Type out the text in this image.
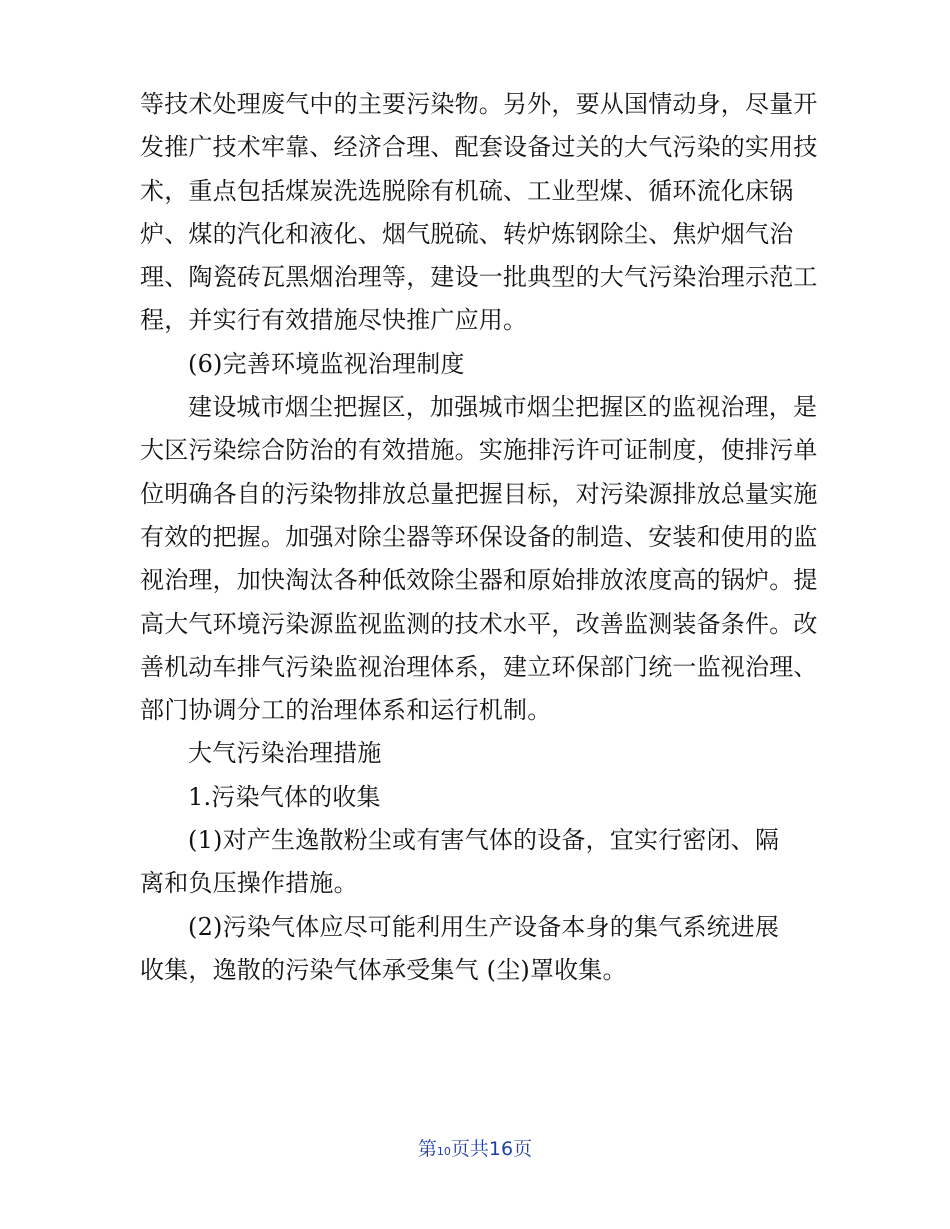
等技术处理废气中的主要污染物。另外，要从国情动身，尽量开发推广技术牢靠、经济合理、配套设备过关的大气污染的实用技术，重点包括煤炭洗选脱除有机硫、工业型煤、循环流化床锅炉、煤的汽化和液化、烟气脱硫、转炉炼钢除尘、焦炉烟气治理、陶瓷砖瓦黑烟治理等，建设一批典型的大气污染治理示范工程，并实行有效措施尽快推广应用。

(6)完善环境监视治理制度

建设城市烟尘把握区，加强城市烟尘把握区的监视治理，是大区污染综合防治的有效措施。实施排污许可证制度，使排污单位明确各自的污染物排放总量把握目标，对污染源排放总量实施有效的把握。加强对除尘器等环保设备的制造、安装和使用的监视治理，加快淘汰各种低效除尘器和原始排放浓度高的锅炉。提高大气环境污染源监视监测的技术水平，改善监测装备条件。改善机动车排气污染监视治理体系，建立环保部门统一监视治理、部门协调分工的治理体系和运行机制。

大气污染治理措施

1.污染气体的收集

(1)对产生逸散粉尘或有害气体的设备，宜实行密闭、隔离和负压操作措施。

(2)污染气体应尽可能利用生产设备本身的集气系统进展收集，逸散的污染气体承受集气 (尘)罩收集。

第10页共16页
